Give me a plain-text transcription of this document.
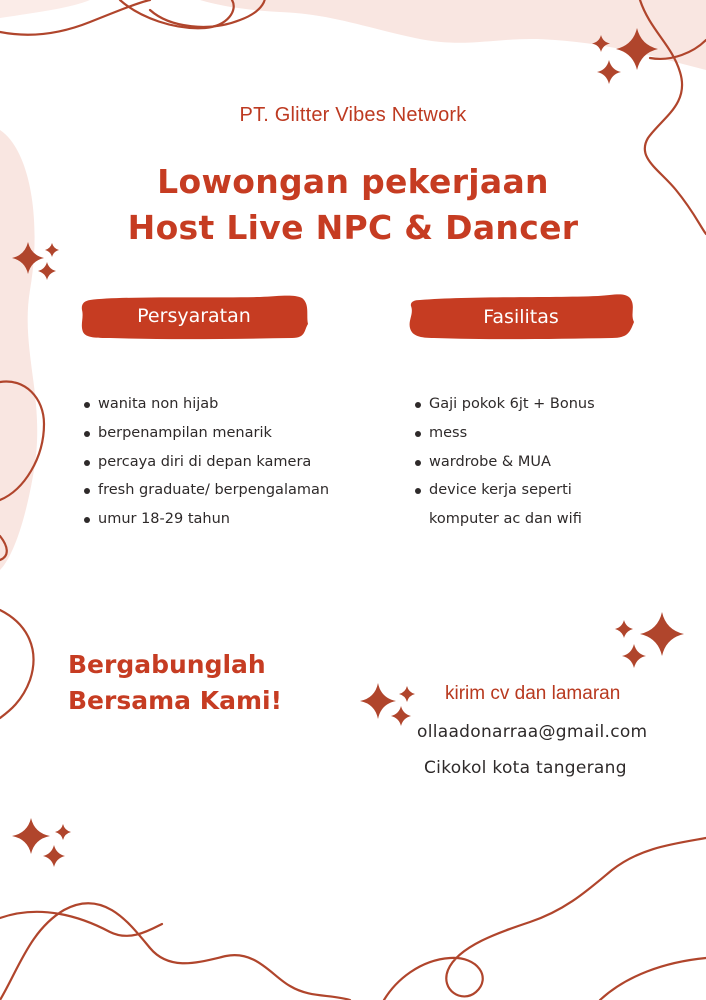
PT. Glitter Vibes Network
Lowongan pekerjaan
Host Live NPC & Dancer
Persyaratan	Fasilitas
wanita non hijab
berpenampilan menarik
percaya diri di depan kamera
fresh graduate/ berpengalaman
umur 18-29 tahun
Gaji pokok 6jt + Bonus
mess
wardrobe & MUA
device kerja seperti
komputer ac dan wifi
Bergabunglah
Bersama Kami!	kirim cv dan lamaran
ollaadonarraa@gmail.com
Cikokol kota tangerang
